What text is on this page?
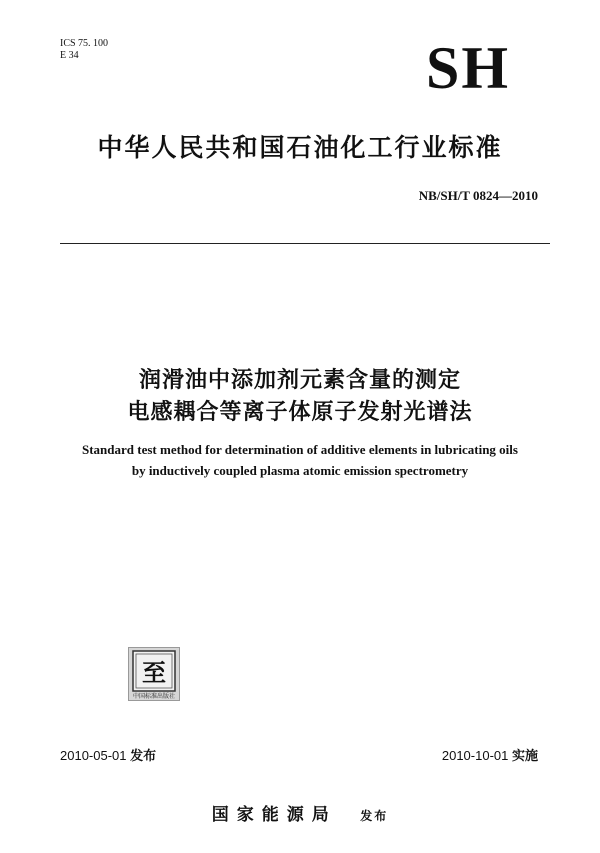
ICS 75. 100
E 34	SH
中华人民共和国石油化工行业标准
NB/SH/T 0824—2010
润滑油中添加剂元素含量的测定
电感耦合等离子体原子发射光谱法
Standard test method for determination of additive elements in lubricating oils
by inductively coupled plasma atomic emission spectrometry
至
中国标准出版社
2010-05-01 发布	2010-10-01 实施
国家能源局 发布
